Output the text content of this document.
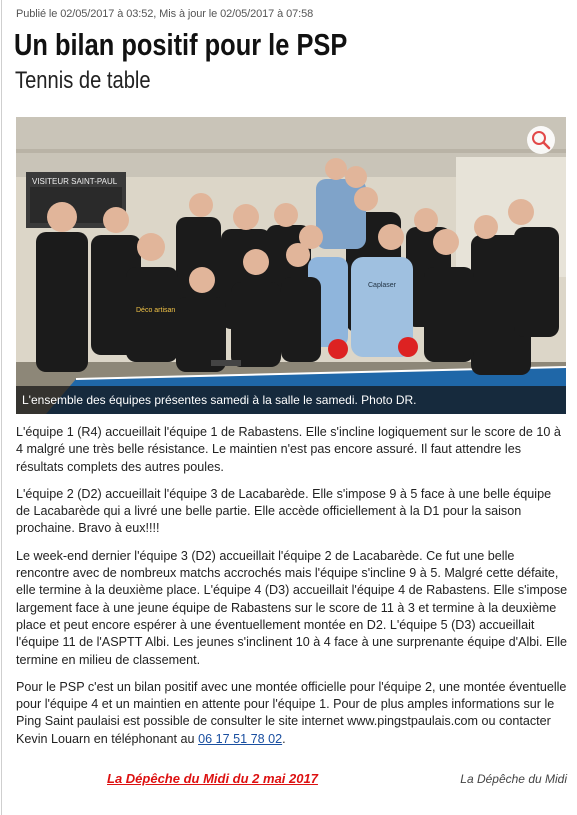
Publié le 02/05/2017 à 03:52, Mis à jour le 02/05/2017 à 07:58
Un bilan positif pour le PSP
Tennis de table
VISITEUR SAINT-PAUL
Déco artisan
Caplaser
L'ensemble des équipes présentes samedi à la salle le samedi. Photo DR.

L'équipe 1 (R4) accueillait l'équipe 1 de Rabastens. Elle s'incline logiquement sur le score de 10 à 4 malgré une très belle résistance. Le maintien n'est pas encore assuré. Il faut attendre les résultats complets des autres poules.

L'équipe 2 (D2) accueillait l'équipe 3 de Lacabarède. Elle s'impose 9 à 5 face à une belle équipe de Lacabarède qui a livré une belle partie. Elle accède officiellement à la D1 pour la saison prochaine. Bravo à eux!!!!

Le week-end dernier l'équipe 3 (D2) accueillait l'équipe 2 de Lacabarède. Ce fut une belle rencontre avec de nombreux matchs accrochés mais l'équipe s'incline 9 à 5. Malgré cette défaite, elle termine à la deuxième place. L'équipe 4 (D3) accueillait l'équipe 4 de Rabastens. Elle s'impose largement face à une jeune équipe de Rabastens sur le score de 11 à 3 et termine à la deuxième place et peut encore espérer à une éventuellement montée en D2. L'équipe 5 (D3) accueillait l'équipe 11 de l'ASPTT Albi. Les jeunes s'inclinent 10 à 4 face à une surprenante équipe d'Albi. Elle termine en milieu de classement.

Pour le PSP c'est un bilan positif avec une montée officielle pour l'équipe 2, une montée éventuelle pour l'équipe 4 et un maintien en attente pour l'équipe 1. Pour de plus amples informations sur le Ping Saint paulaisi est possible de consulter le site internet www.pingstpaulais.com ou contacter Kevin Louarn en téléphonant au 06 17 51 78 02.

La Dépêche du Midi du 2 mai 2017	La Dépêche du Midi
